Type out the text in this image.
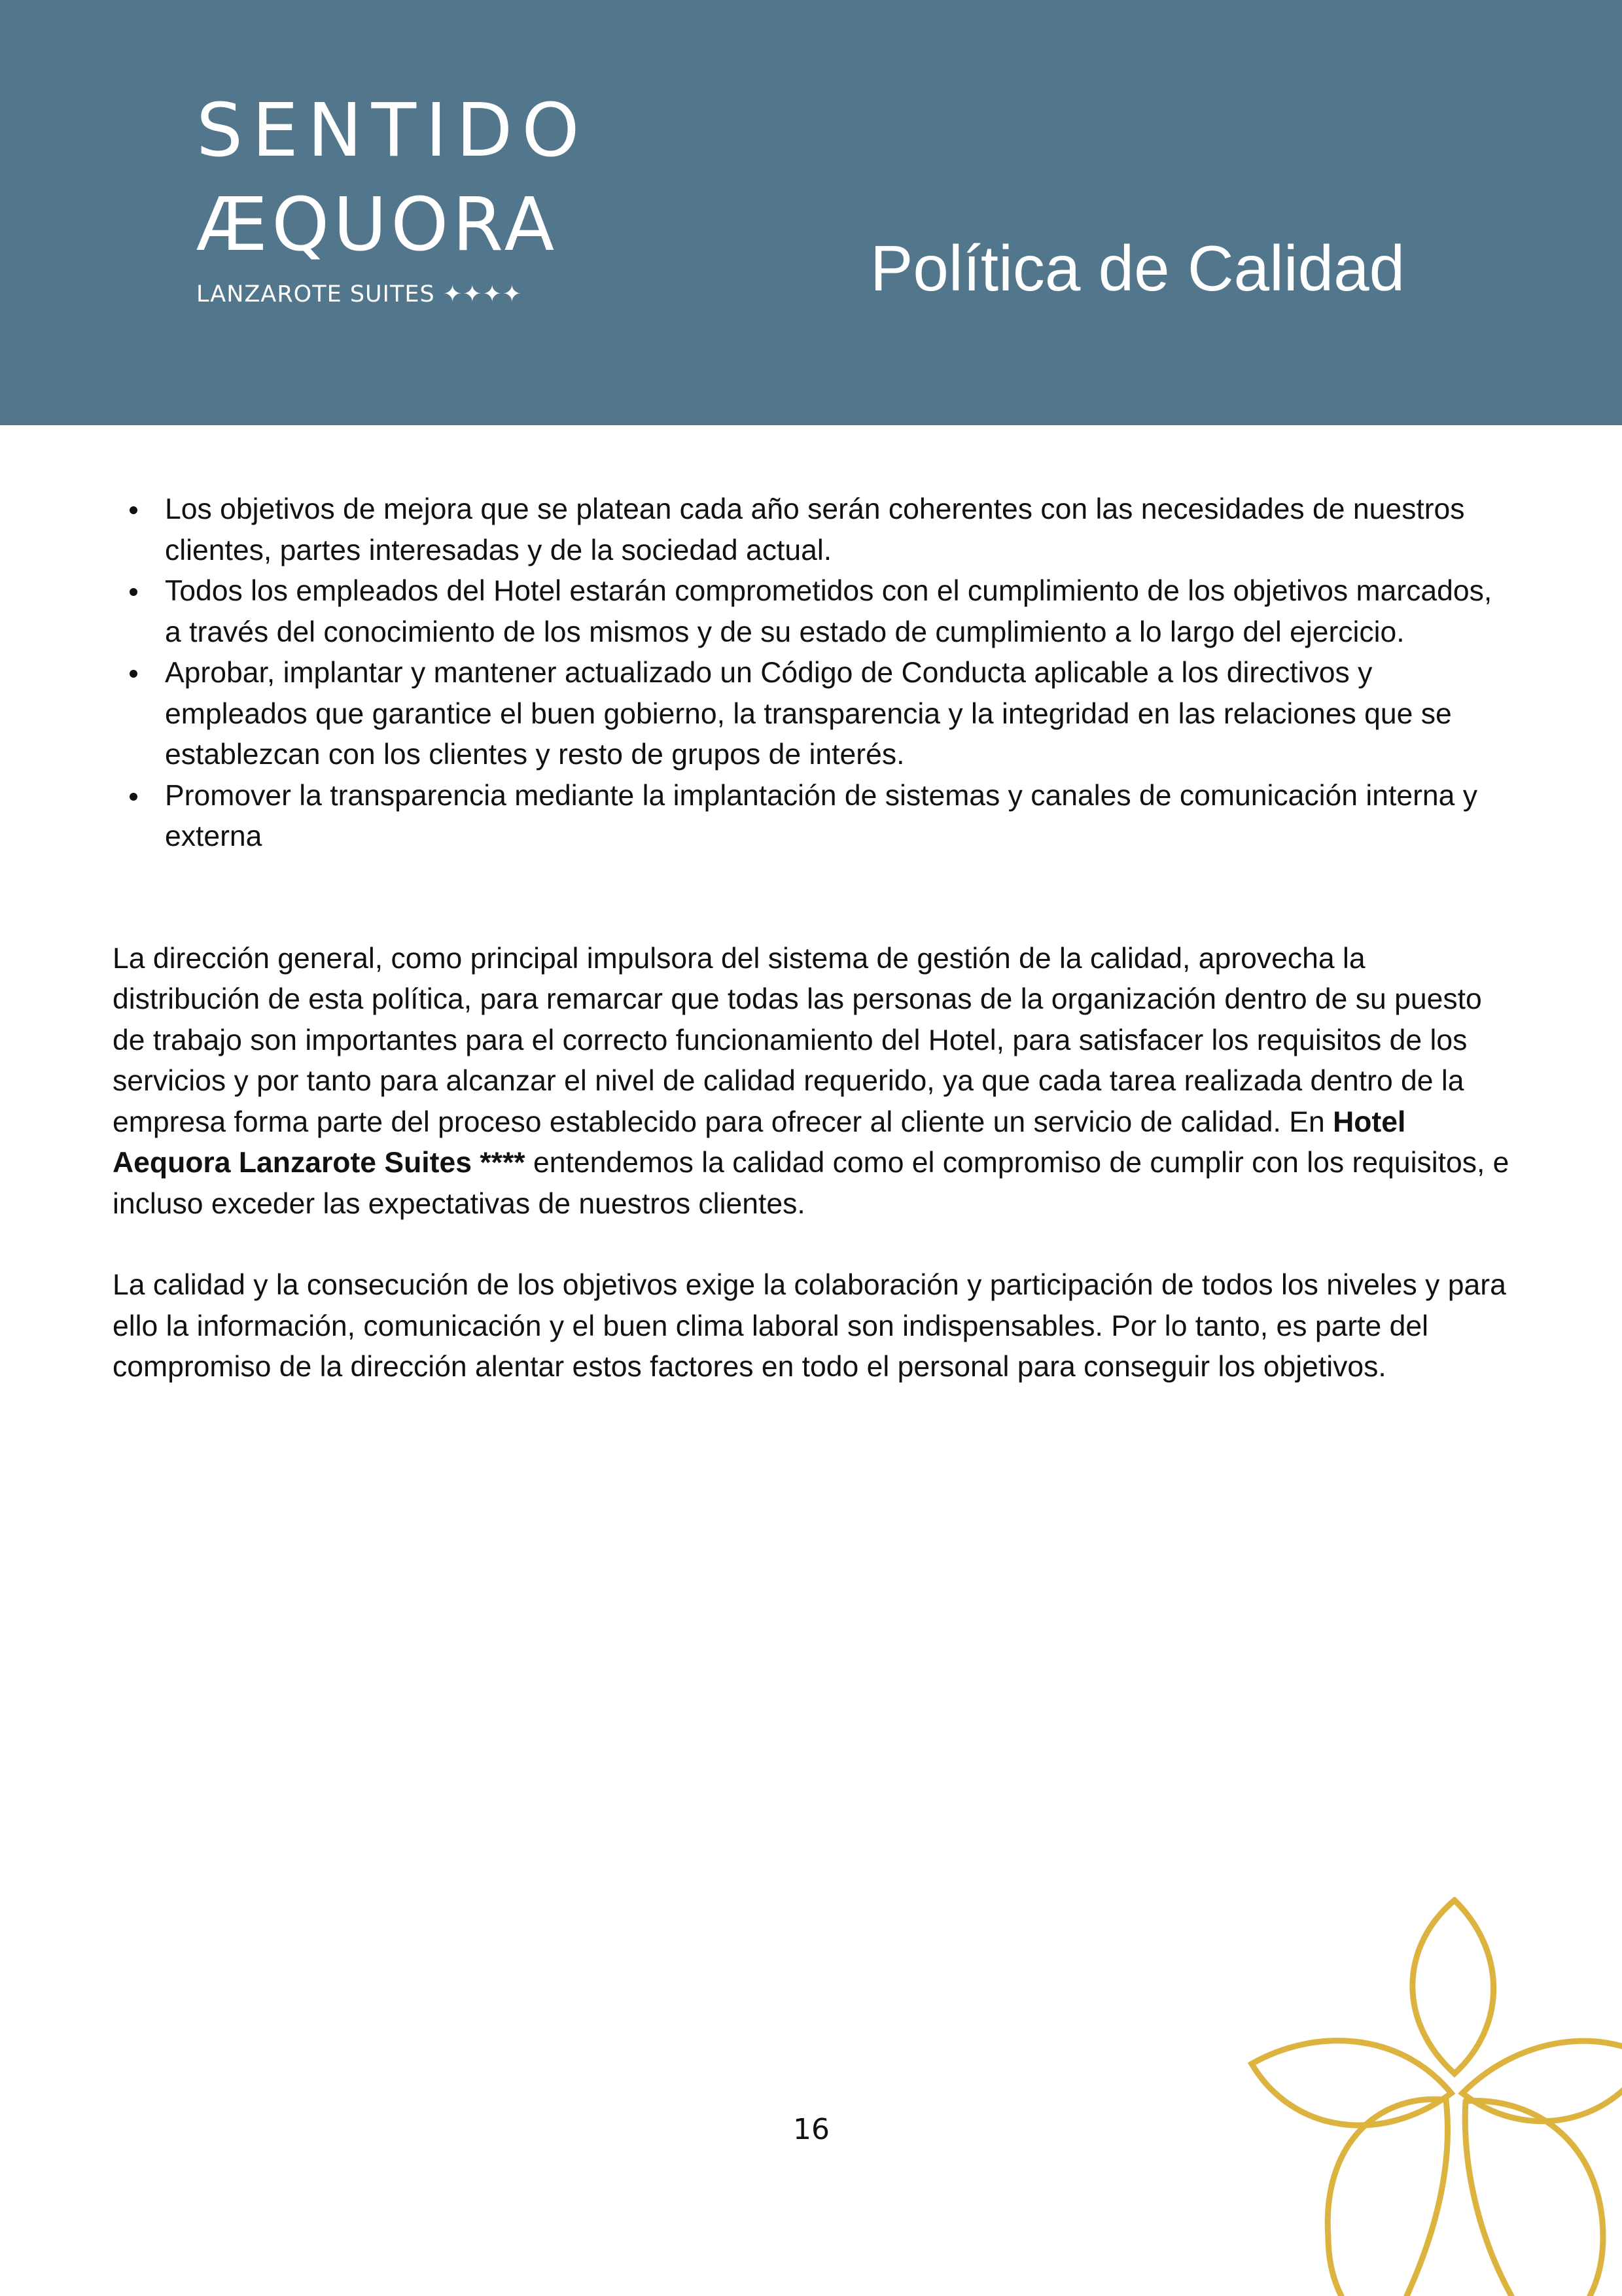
SENTIDO
ÆQUORA
LANZAROTE SUITES ✦✦✦✦	Política de Calidad
Los objetivos de mejora que se platean cada año serán coherentes con las necesidades de nuestros clientes, partes interesadas y de la sociedad actual.
Todos los empleados del Hotel estarán comprometidos con el cumplimiento de los objetivos marcados, a través del conocimiento de los mismos y de su estado de cumplimiento a lo largo del ejercicio.
Aprobar, implantar y mantener actualizado un Código de Conducta aplicable a los directivos y empleados que garantice el buen gobierno, la transparencia y la integridad en las relaciones que se establezcan con los clientes y resto de grupos de interés.
Promover la transparencia mediante la implantación de sistemas y canales de comunicación interna y externa

La dirección general, como principal impulsora del sistema de gestión de la calidad, aprovecha la distribución de esta política, para remarcar que todas las personas de la organización dentro de su puesto de trabajo son importantes para el correcto funcionamiento del Hotel, para satisfacer los requisitos de los servicios y por tanto para alcanzar el nivel de calidad requerido, ya que cada tarea realizada dentro de la empresa forma parte del proceso establecido para ofrecer al cliente un servicio de calidad. En Hotel Aequora Lanzarote Suites **** entendemos la calidad como el compromiso de cumplir con los requisitos, e incluso exceder las expectativas de nuestros clientes.

La calidad y la consecución de los objetivos exige la colaboración y participación de todos los niveles y para ello la información, comunicación y el buen clima laboral son indispensables. Por lo tanto, es parte del compromiso de la dirección alentar estos factores en todo el personal para conseguir los objetivos.

16
